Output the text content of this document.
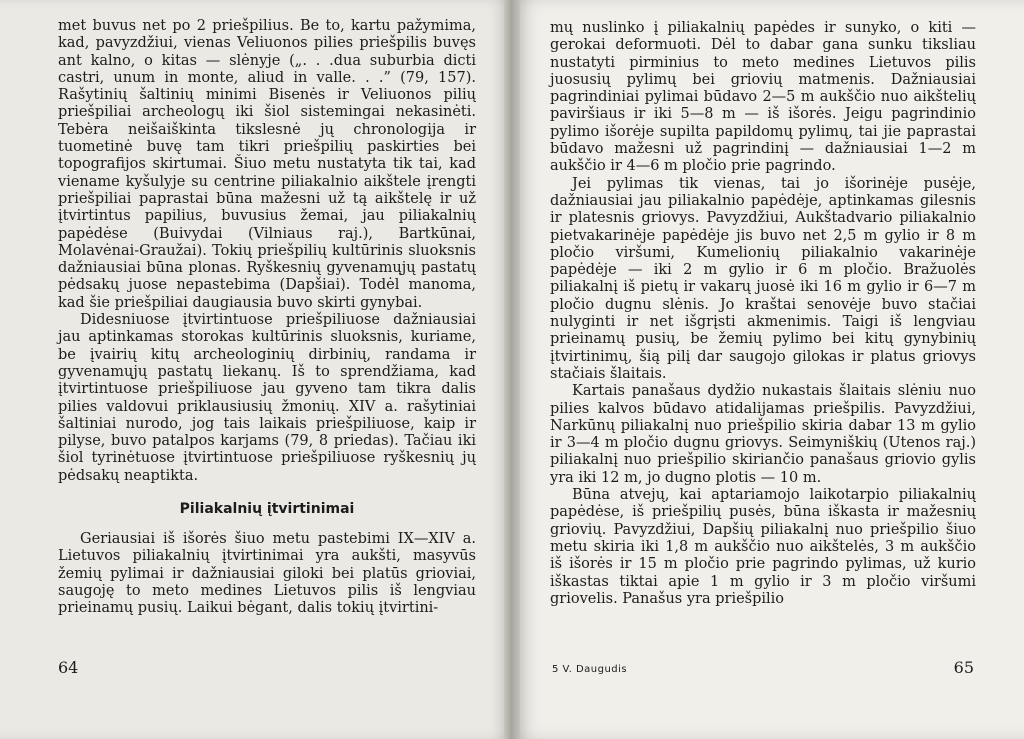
met buvus net po 2 priešpilius. Be to, kartu pažymima, kad, pavyzdžiui, vienas Veliuonos pilies priešpilis buvęs ant kalno, o kitas — slėnyje („. . .dua suburbia dicti castri, unum in monte, aliud in valle. . .” (79, 157). Rašytinių šaltinių minimi Bisenės ir Veliuonos pilių priešpiliai archeologų iki šiol sistemingai nekasinėti. Tebėra neišaiškinta tikslesnė jų chronologija ir tuometinė buvę tam tikri priešpilių paskirties bei topografijos skirtumai. Šiuo metu nustatyta tik tai, kad viename kyšulyje su centrine piliakalnio aikštele įrengti priešpiliai paprastai būna mažesni už tą aikštelę ir už įtvirtintus papilius, buvusius žemai, jau piliakalnių papėdėse (Buivydai (Vilniaus raj.), Bartkūnai, Molavėnai-Graužai). Tokių priešpilių kultūrinis sluoksnis dažniausiai būna plonas. Ryškesnių gyvenamųjų pastatų pėdsakų juose nepastebima (Dapšiai). Todėl manoma, kad šie priešpiliai daugiausia buvo skirti gynybai.

Didesniuose įtvirtintuose priešpiliuose dažniausiai jau aptinkamas storokas kultūrinis sluoksnis, kuriame, be įvairių kitų archeologinių dirbinių, randama ir gyvenamųjų pastatų liekanų. Iš to sprendžiama, kad įtvirtintuose priešpiliuose jau gyveno tam tikra dalis pilies valdovui priklausiusių žmonių. XIV a. rašytiniai šaltiniai nurodo, jog tais laikais priešpiliuose, kaip ir pilyse, buvo patalpos karjams (79, 8 priedas). Tačiau iki šiol tyrinėtuose įtvirtintuose priešpiliuose ryškesnių jų pėdsakų neaptikta.

Piliakalnių įtvirtinimai

Geriausiai iš išorės šiuo metu pastebimi IX—XIV a. Lietuvos piliakalnių įtvirtinimai yra aukšti, masyvūs žemių pylimai ir dažniausiai giloki bei platūs grioviai, saugoję to meto medines Lietuvos pilis iš lengviau prieinamų pusių. Laikui bėgant, dalis tokių įtvirtini-

64

mų nuslinko į piliakalnių papėdes ir sunyko, o kiti — gerokai deformuoti. Dėl to dabar gana sunku tiksliau nustatyti pirminius to meto medines Lietuvos pilis juosusių pylimų bei griovių matmenis. Dažniausiai pagrindiniai pylimai būdavo 2—5 m aukščio nuo aikštelių paviršiaus ir iki 5—8 m — iš išorės. Jeigu pagrindinio pylimo išorėje supilta papildomų pylimų, tai jie paprastai būdavo mažesni už pagrindinį — dažniausiai 1—2 m aukščio ir 4—6 m pločio prie pagrindo.

Jei pylimas tik vienas, tai jo išorinėje pusėje, dažniausiai jau piliakalnio papėdėje, aptinkamas gilesnis ir platesnis griovys. Pavyzdžiui, Aukštadvario piliakalnio pietvakarinėje papėdėje jis buvo net 2,5 m gylio ir 8 m pločio viršumi, Kumelionių piliakalnio vakarinėje papėdėje — iki 2 m gylio ir 6 m pločio. Bražuolės piliakalnį iš pietų ir vakarų juosė iki 16 m gylio ir 6—7 m pločio dugnu slėnis. Jo kraštai senovėje buvo stačiai nulyginti ir net išgrįsti akmenimis. Taigi iš lengviau prieinamų pusių, be žemių pylimo bei kitų gynybinių įtvirtinimų, šią pilį dar saugojo gilokas ir platus griovys stačiais šlaitais.

Kartais panašaus dydžio nukastais šlaitais slėniu nuo pilies kalvos būdavo atidalijamas priešpilis. Pavyzdžiui, Narkūnų piliakalnį nuo priešpilio skiria dabar 13 m gylio ir 3—4 m pločio dugnu griovys. Seimyniškių (Utenos raj.) piliakalnį nuo priešpilio skiriančio panašaus griovio gylis yra iki 12 m, jo dugno plotis — 10 m.

Būna atvejų, kai aptariamojo laikotarpio piliakalnių papėdėse, iš priešpilių pusės, būna iškasta ir mažesnių griovių. Pavyzdžiui, Dapšių piliakalnį nuo priešpilio šiuo metu skiria iki 1,8 m aukščio nuo aikštelės, 3 m aukščio iš išorės ir 15 m pločio prie pagrindo pylimas, už kurio iškastas tiktai apie 1 m gylio ir 3 m pločio viršumi griovelis. Panašus yra priešpilio

5 V. Daugudis	65
